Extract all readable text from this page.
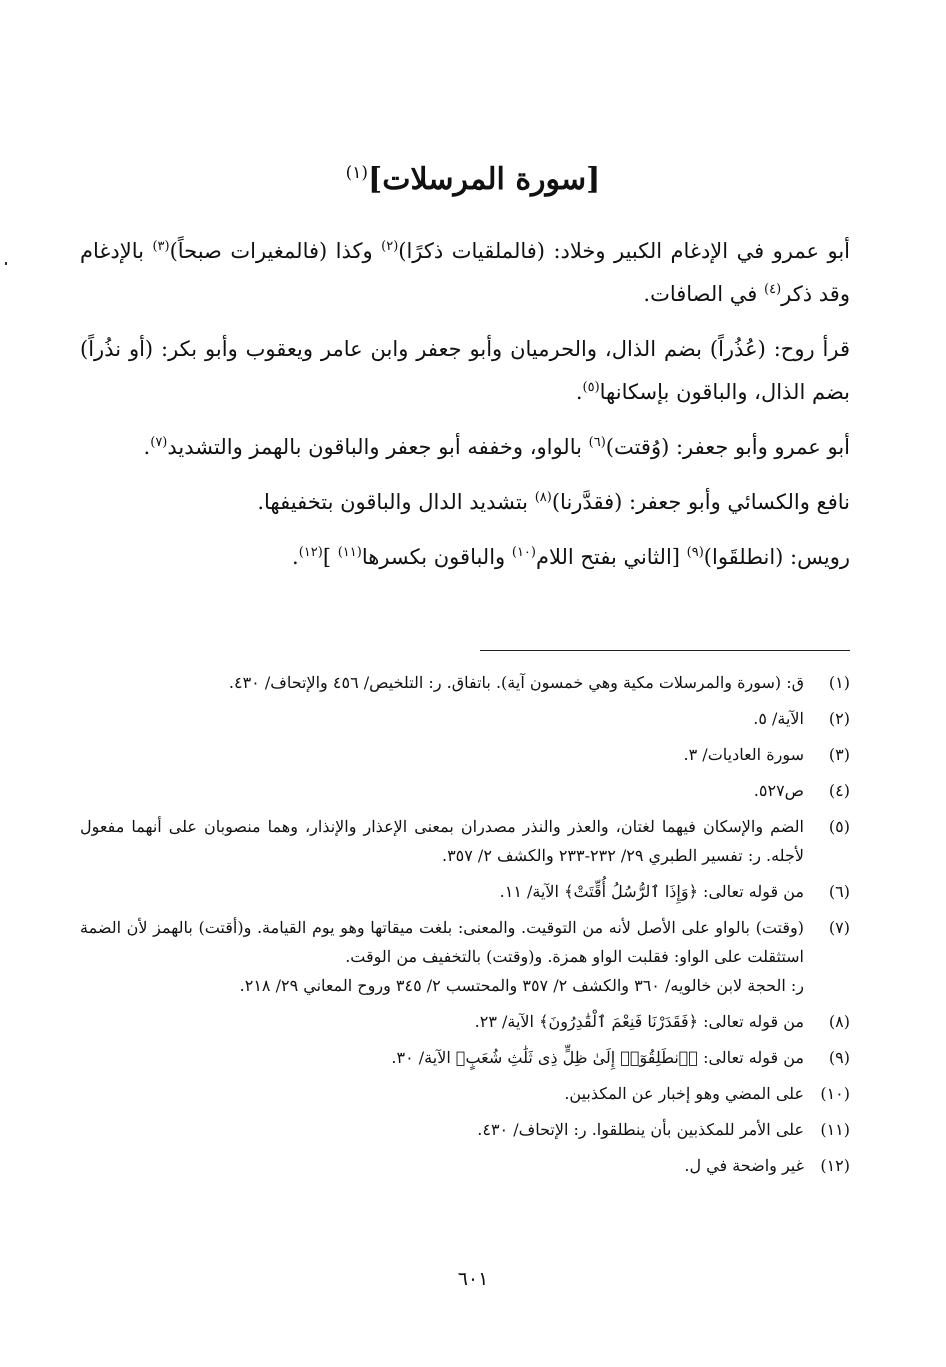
[سورة المرسلات]$^{(١)}$

أبو عمرو في الإدغام الكبير وخلاد: (فالملقيات ذكرًا)$^{(٢)}$ وكذا (فالمغيرات صبحاً)$^{(٣)}$ بالإدغام وقد ذكر$^{(٤)}$ في الصافات.

قرأ روح: (عُذُراً) بضم الذال، والحرميان وأبو جعفر وابن عامر ويعقوب وأبو بكر: (أو نذُراً) بضم الذال، والباقون بإسكانها$^{(٥)}$.

أبو عمرو وأبو جعفر: (وُقتت)$^{(٦)}$ بالواو، وخففه أبو جعفر والباقون بالهمز والتشديد$^{(٧)}$.

نافع والكسائي وأبو جعفر: (فقدَّرنا)$^{(٨)}$ بتشديد الدال والباقون بتخفيفها.

رويس: (انطلقَوا)$^{(٩)}$ [الثاني بفتح اللام$^{(١٠)}$ والباقون بكسرها$^{(١١)}$ ]$^{(١٢)}$.

(١)
ق: (سورة والمرسلات مكية وهي خمسون آية). باتفاق. ر: التلخيص/ ٤٥٦ والإتحاف/ ٤٣٠.
(٢)
الآية/ ٥.
(٣)
سورة العاديات/ ٣.
(٤)
ص٥٢٧.
(٥)
الضم والإسكان فيهما لغتان، والعذر والنذر مصدران بمعنى الإعذار والإنذار، وهما منصوبان على أنهما مفعول لأجله. ر: تفسير الطبري ٢٩/ ٢٣٢-٢٣٣ والكشف ٢/ ٣٥٧.
(٦)
من قوله تعالى: ﴿وَإِذَا ٱلرُّسُلُ أُقِّتَتْ﴾ الآية/ ١١.
(٧)
(وقتت) بالواو على الأصل لأنه من التوقيت. والمعنى: بلغت ميقاتها وهو يوم القيامة. و(أقتت) بالهمز لأن الضمة استثقلت على الواو: فقلبت الواو همزة. و(وقتت) بالتخفيف من الوقت.
ر: الحجة لابن خالويه/ ٣٦٠ والكشف ٢/ ٣٥٧ والمحتسب ٢/ ٣٤٥ وروح المعاني ٢٩/ ٢١٨.
(٨)
من قوله تعالى: ﴿فَقَدَرْنَا فَنِعْمَ ٱلْقَٰدِرُونَ﴾ الآية/ ٢٣.
(٩)
من قوله تعالى: ﴿ٱنطَلِقُوٓا۟ إِلَىٰ ظِلٍّ ذِى ثَلَٰثِ شُعَبٍ﴾ الآية/ ٣٠.
(١٠)
على المضي وهو إخبار عن المكذبين.
(١١)
على الأمر للمكذبين بأن ينطلقوا. ر: الإتحاف/ ٤٣٠.
(١٢)
غير واضحة في ل.
٦٠١
